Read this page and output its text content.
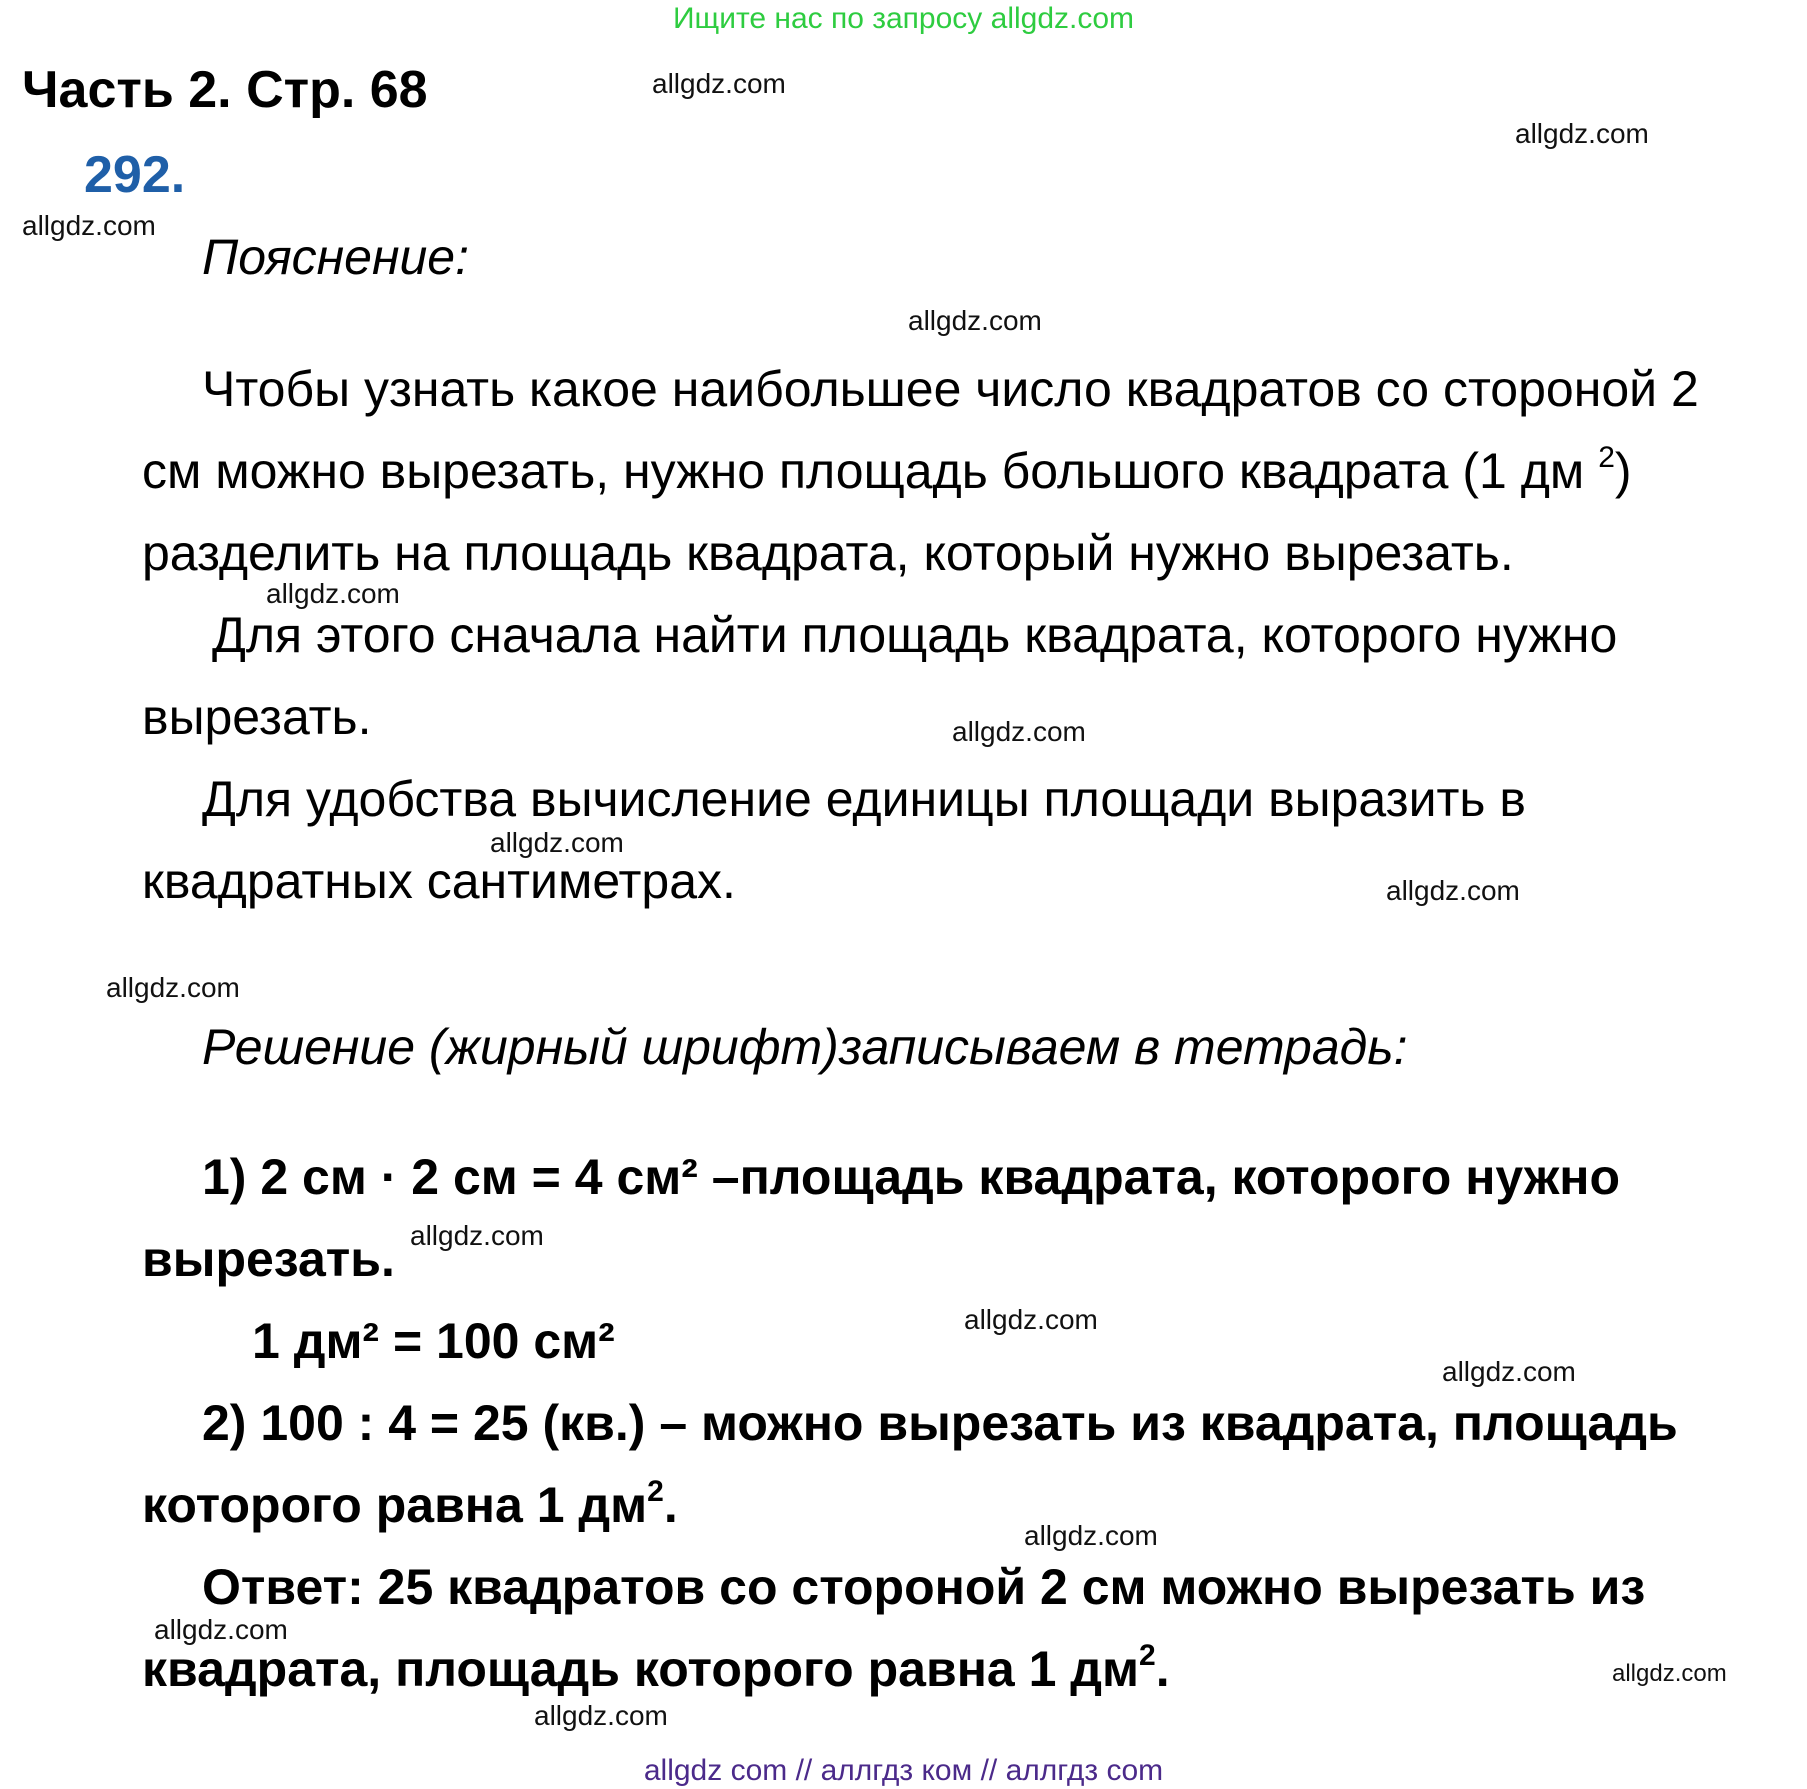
Ищите нас по запросу allgdz.com
Часть 2. Стр. 68
292.
Пояснение:
Чтобы узнать какое наибольшее число квадратов со стороной 2
см можно вырезать, нужно площадь большого квадрата (1 дм $^2$)
разделить на площадь квадрата, который нужно вырезать.
Для этого сначала найти площадь квадрата, которого нужно
вырезать.
Для удобства вычисление единицы площади выразить в
квадратных сантиметрах.
Решение (жирный шрифт)записываем в тетрадь:
1) 2 см · 2 см = 4 см² –площадь квадрата, которого нужно
вырезать.
1 дм² = 100 см²
2) 100 : 4 = 25 (кв.) – можно вырезать из квадрата, площадь
которого равна 1 $дм^2$.
Ответ: 25 квадратов со стороной 2 см можно вырезать из
квадрата, площадь которого равна 1 $дм^2$.
allgdz.com
allgdz.com
allgdz.com
allgdz.com
allgdz.com
allgdz.com
allgdz.com
allgdz.com
allgdz.com
allgdz.com
allgdz.com
allgdz.com
allgdz.com
allgdz.com
allgdz.com
allgdz.com
allgdz com // аллгдз ком // аллгдз com
